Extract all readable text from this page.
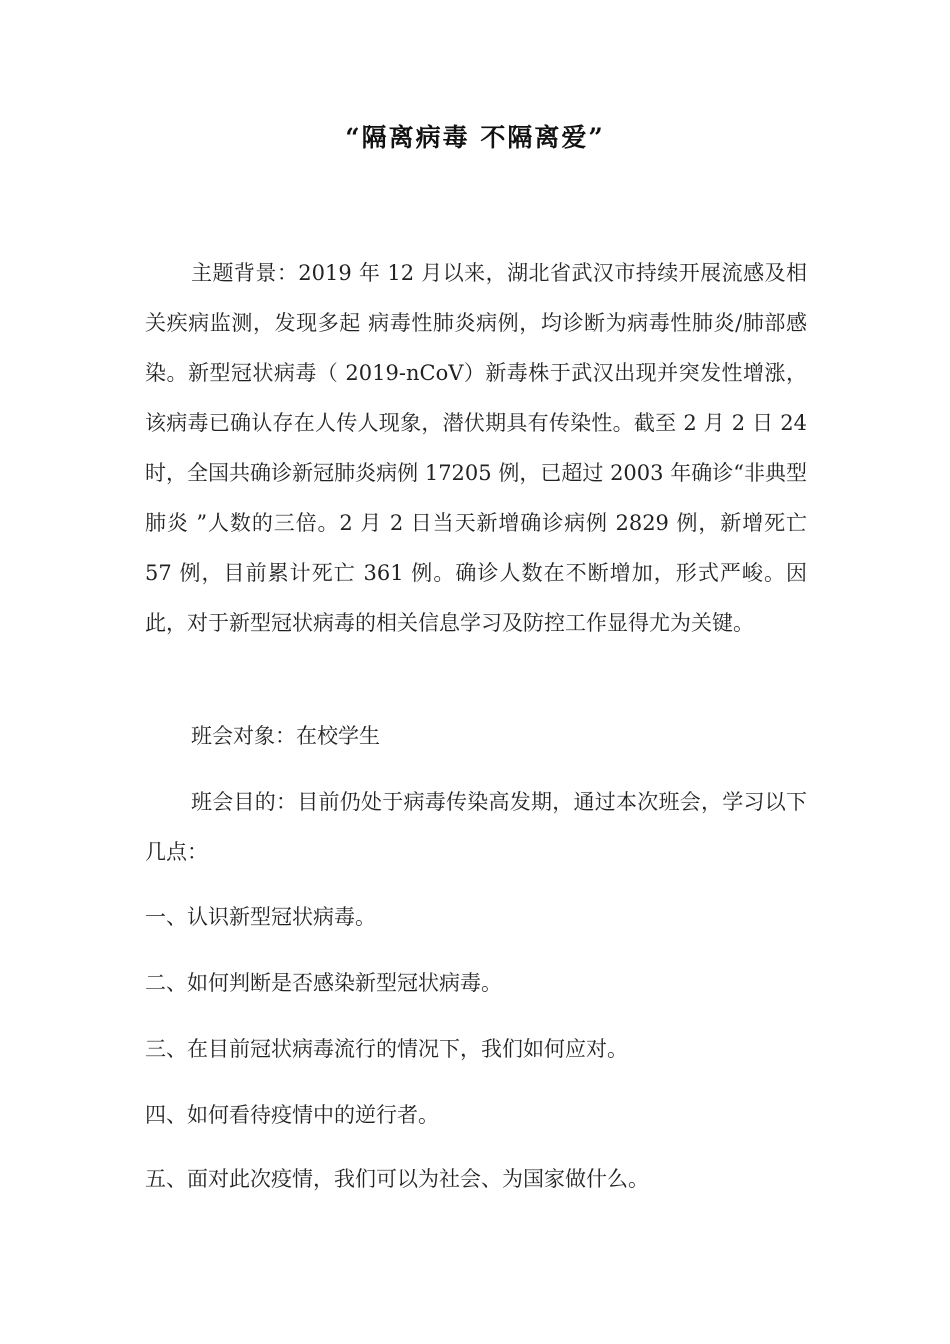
“隔离病毒 不隔离爱”

主题背景：2019 年 12 月以来，湖北省武汉市持续开展流感及相关疾病监测，发现多起 病毒性肺炎病例，均诊断为病毒性肺炎/肺部感染。新型冠状病毒（ 2019-nCoV）新毒株于武汉出现并突发性增涨，该病毒已确认存在人传人现象，潜伏期具有传染性。截至 2 月 2 日 24 时，全国共确诊新冠肺炎病例 17205 例，已超过 2003 年确诊“非典型肺炎 ”人数的三倍。2 月 2 日当天新增确诊病例 2829 例，新增死亡 57 例，目前累计死亡 361 例。确诊人数在不断增加，形式严峻。因此，对于新型冠状病毒的相关信息学习及防控工作显得尤为关键。

班会对象：在校学生

班会目的：目前仍处于病毒传染高发期，通过本次班会，学习以下几点：

一、认识新型冠状病毒。

二、如何判断是否感染新型冠状病毒。

三、在目前冠状病毒流行的情况下，我们如何应对。

四、如何看待疫情中的逆行者。

五、面对此次疫情，我们可以为社会、为国家做什么。
